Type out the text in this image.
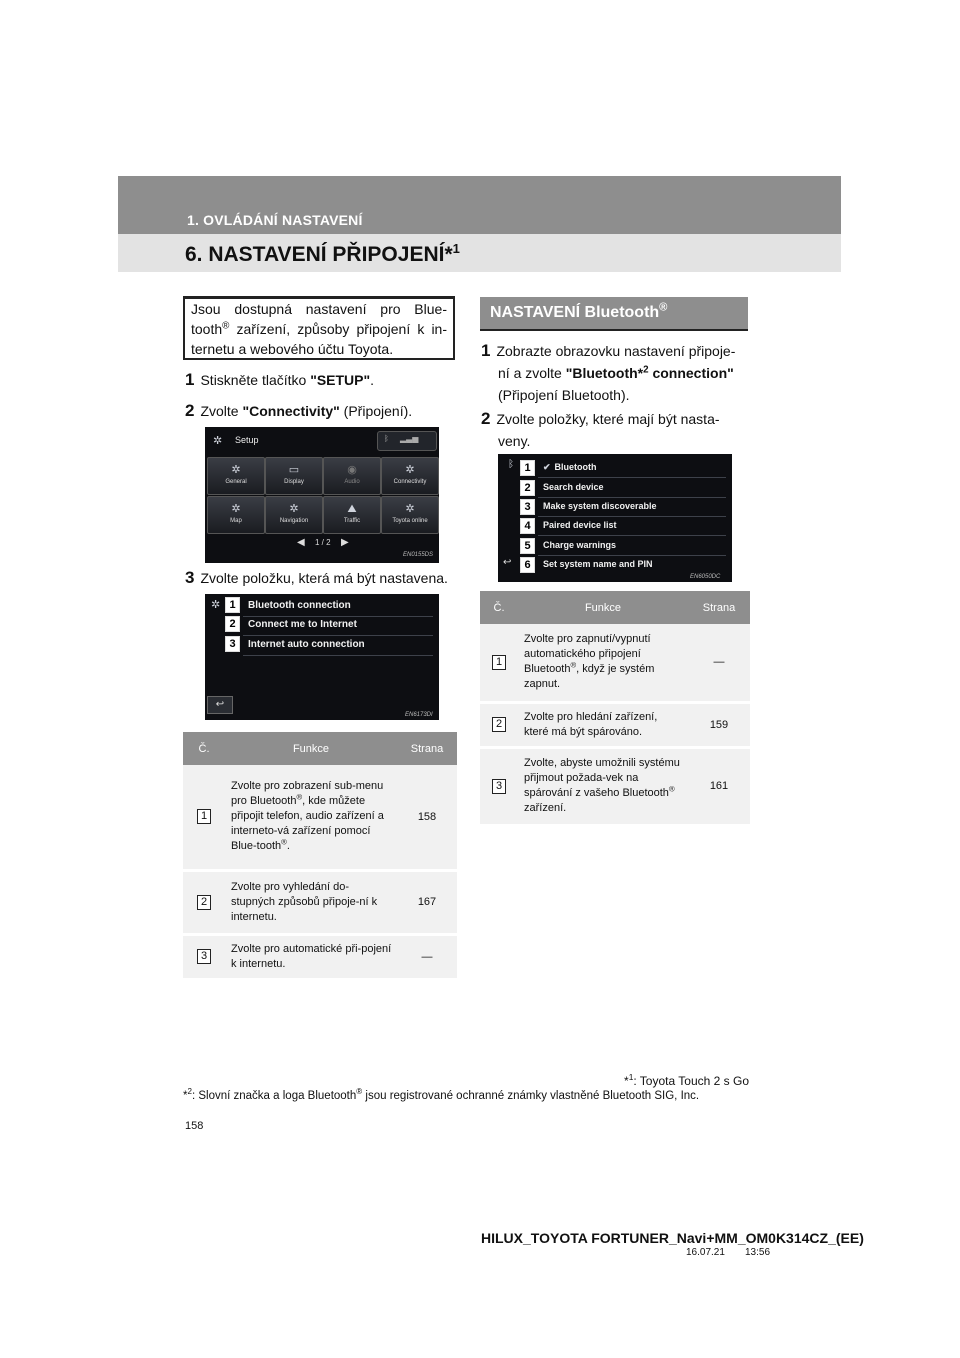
1. OVLÁDÁNÍ NASTAVENÍ
6. NASTAVENÍ PŘIPOJENÍ*$^1$
Jsou dostupná nastavení pro Blue-
tooth® zařízení, způsoby připojení k in-
ternetu a webového účtu Toyota.
1 Stiskněte tlačítko "SETUP".
2 Zvolte "Connectivity" (Připojení).
✲ Setup	ᛒ ▂▃▅
✲
General
▭
Display
◉
Audio
✲
Connectivity
✲
Map
✲
Navigation
⛰
Traffic
✲
Toyota online
◀ 1 / 2 ▶
EN0155DS
3 Zvolte položku, která má být nastavena.
✲ 1 Bluetooth connection
2 Connect me to Internet
3 Internet auto connection
↩
EN6173DI
Č.	Funkce	Strana
1	Zvolte pro zobrazení sub-menu pro Bluetooth®, kde můžete připojit telefon, audio zařízení a interneto-vá zařízení pomocí Blue-tooth®.	158
2	Zvolte pro vyhledání do-stupných způsobů připoje-ní k internetu.	167
3	Zvolte pro automatické při-pojení k internetu.	—
NASTAVENÍ Bluetooth®
1 Zobrazte obrazovku nastavení připoje-
ní a zvolte "Bluetooth*$^2$ connection"
(Připojení Bluetooth).
2 Zvolte položky, které mají být nasta-
veny.
ᛒ 1 ✔ Bluetooth
2 Search device
3 Make system discoverable
4 Paired device list
5 Charge warnings
↩	6 Set system name and PIN
EN6050DC
Č.	Funkce	Strana
1	Zvolte pro zapnutí/vypnutí automatického připojení Bluetooth®, když je systém zapnut.	—
2	Zvolte pro hledání zařízení, které má být spárováno.	159
3	Zvolte, abyste umožnili systému přijmout požada-vek na spárování z vašeho Bluetooth® zařízení.	161
*$^1$: Toyota Touch 2 s Go
*$^2$: Slovní značka a loga Bluetooth® jsou registrované ochranné známky vlastněné Bluetooth SIG, Inc.
158
HILUX_TOYOTA FORTUNER_Navi+MM_OM0K314CZ_(EE)
16.07.21 13:56
